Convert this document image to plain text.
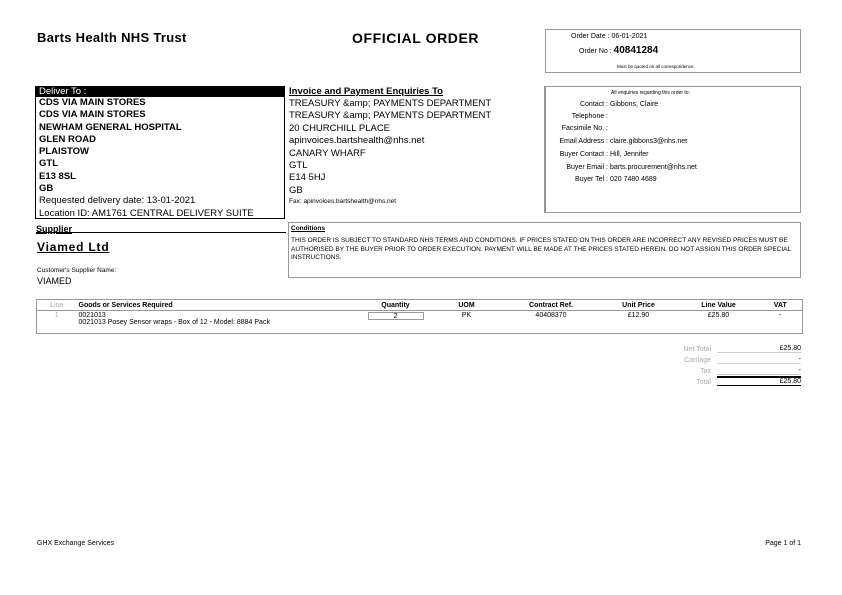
Barts Health NHS Trust	OFFICIAL ORDER	Order Date : 06-01-2021
Order No : 40841284
Must be quoted on all correspondence.
Deliver To :
CDS VIA MAIN STORES
CDS VIA MAIN STORES
NEWHAM GENERAL HOSPITAL
GLEN ROAD
PLAISTOW
GTL
E13 8SL
GB
Requested delivery date: 13-01-2021
Location ID: AM1761 CENTRAL DELIVERY SUITE
Invoice and Payment Enquiries To
TREASURY &amp; PAYMENTS DEPARTMENT
TREASURY &amp; PAYMENTS DEPARTMENT
20 CHURCHILL PLACE
apinvoices.bartshealth@nhs.net
CANARY WHARF
GTL
E14 5HJ
GB
Fax: apinvoices.bartshealth@nhs.net
All enquiries regarding this order to:
Contact : Gibbons, Claire
Telephone :
Facsimile No. :
Email Address : claire.gibbons3@nhs.net
Buyer Contact : Hill, Jennifer
Buyer Email : barts.procurement@nhs.net
Buyer Tel : 020 7480 4689
Supplier
Viamed Ltd
Customer's Supplier Name:
VIAMED
Conditions
THIS ORDER IS SUBJECT TO STANDARD NHS TERMS AND CONDITIONS. IF PRICES STATED ON THIS ORDER ARE INCORRECT ANY REVISED PRICES MUST BE AUTHORISED BY THE BUYER PRIOR TO ORDER EXECUTION. PAYMENT WILL BE MADE AT THE PRICES STATED HEREIN. DO NOT ASSIGN THIS ORDER SPECIAL INSTRUCTIONS.
Line	Goods or Services Required	Quantity	UOM	Contract Ref.	Unit Price	Line Value	VAT
1	0021013
0021013 Posey Sensor wraps - Box of 12 - Model: 8884 Pack	2	PK	40408370	£12.90	£25.80	-
Net Total	£25.80
Carriage	-
Tax	-
Total	£25.80
GHX Exchange Services	Page 1 of 1
